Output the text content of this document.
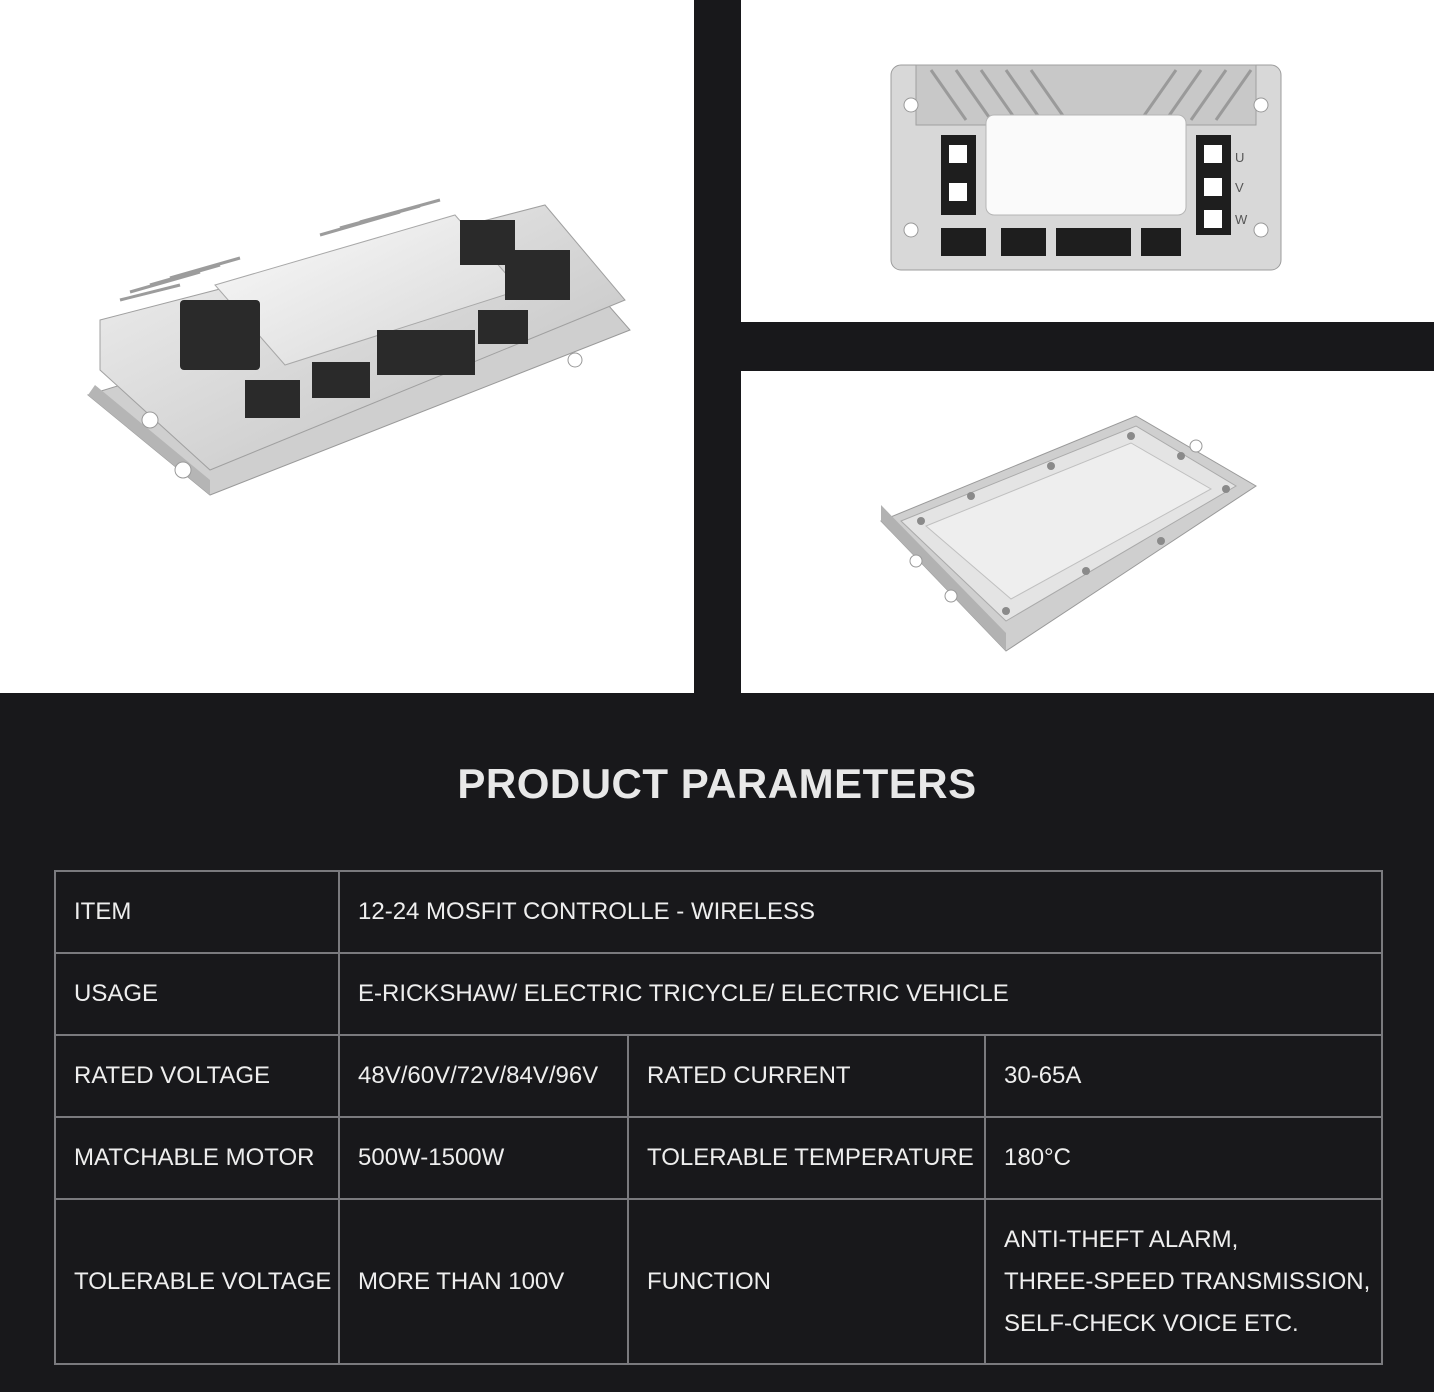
U
V
W
PRODUCT PARAMETERS
ITEM	12-24 MOSFIT CONTROLLE - WIRELESS		
USAGE	E-RICKSHAW/ ELECTRIC TRICYCLE/ ELECTRIC VEHICLE		
RATED VOLTAGE	48V/60V/72V/84V/96V	RATED CURRENT	30-65A
MATCHABLE MOTOR	500W-1500W	TOLERABLE TEMPERATURE	180°C
TOLERABLE VOLTAGE	MORE THAN 100V	FUNCTION	ANTI-THEFT ALARM,
THREE-SPEED TRANSMISSION,
SELF-CHECK VOICE ETC.
